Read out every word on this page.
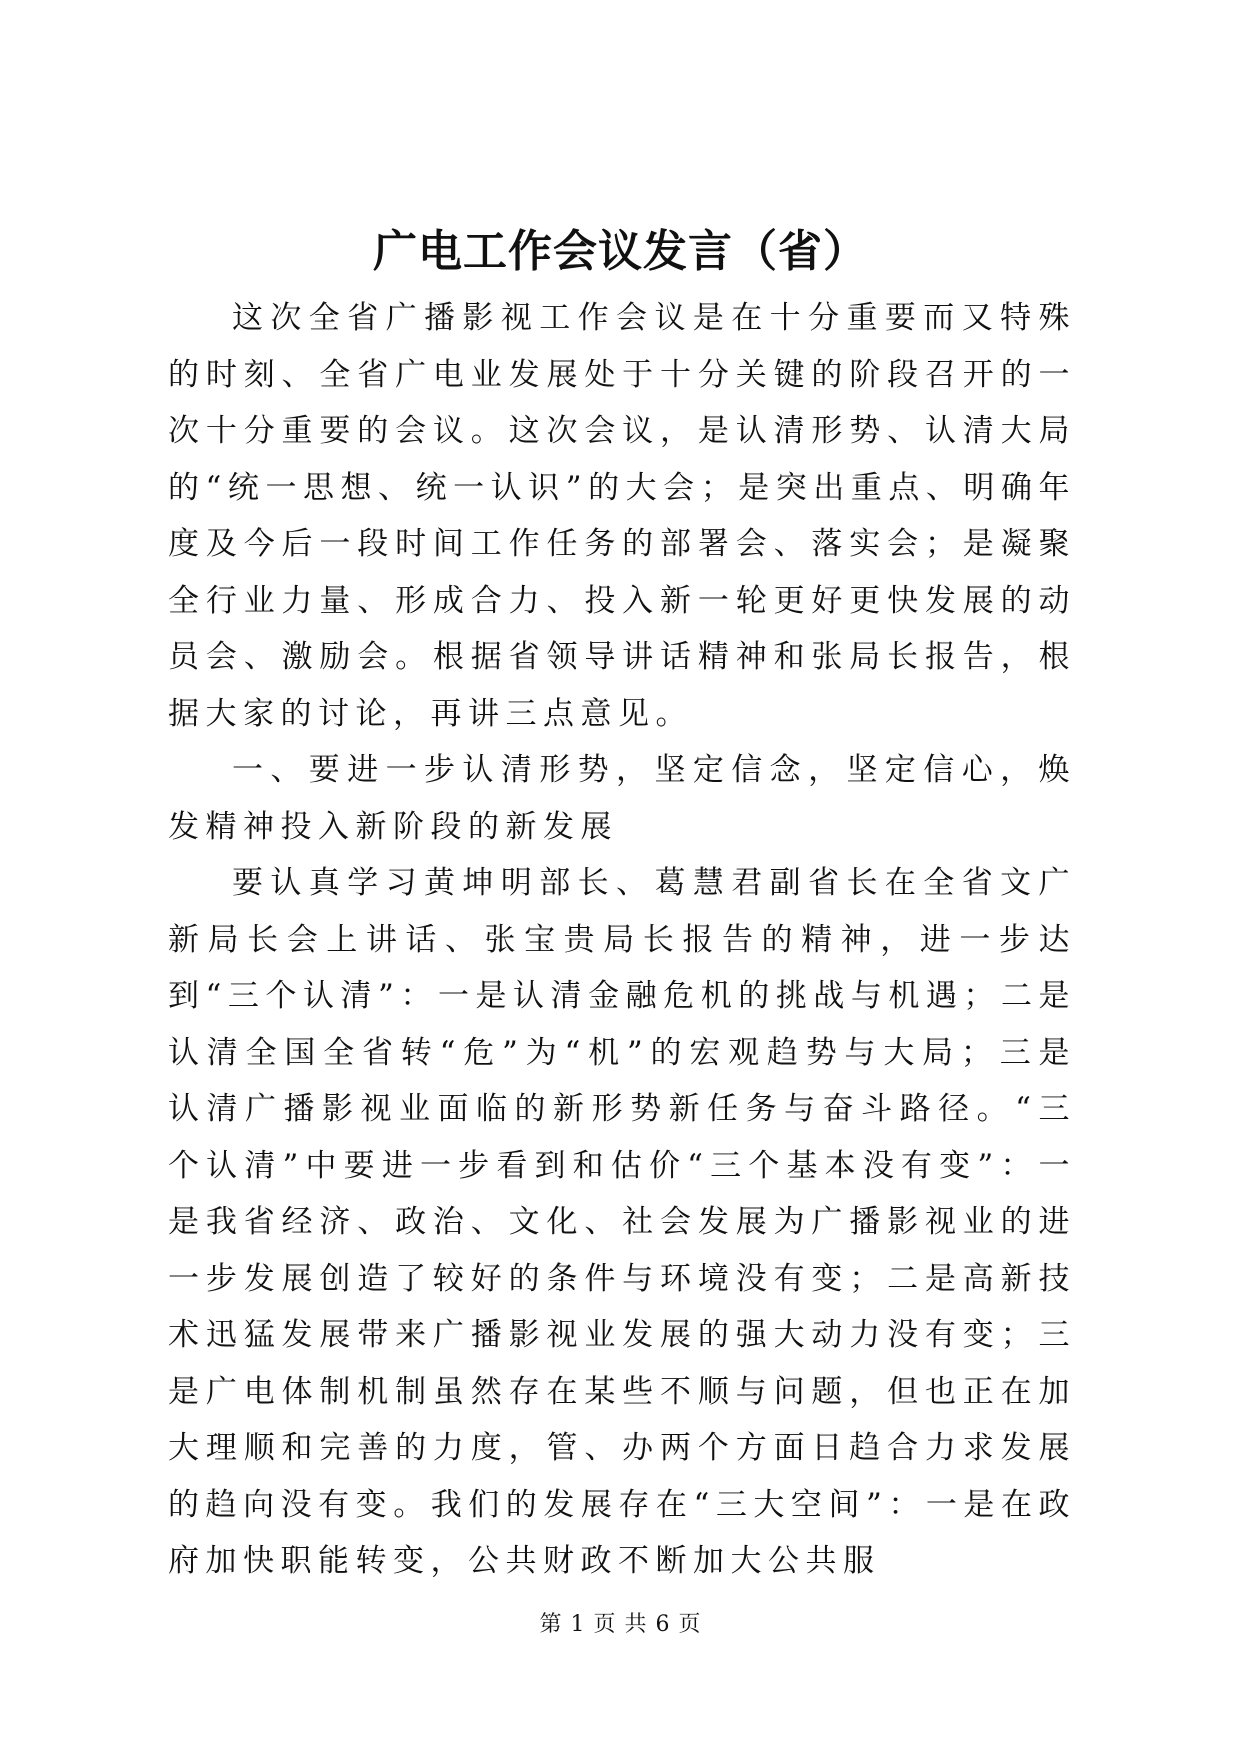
广电工作会议发言（省）

这次全省广播影视工作会议是在十分重要而又特殊的时刻、全省广电业发展处于十分关键的阶段召开的一次十分重要的会议。这次会议，是认清形势、认清大局的“统一思想、统一认识”的大会；是突出重点、明确年度及今后一段时间工作任务的部署会、落实会；是凝聚全行业力量、形成合力、投入新一轮更好更快发展的动员会、激励会。根据省领导讲话精神和张局长报告，根据大家的讨论，再讲三点意见。

一、要进一步认清形势，坚定信念，坚定信心，焕发精神投入新阶段的新发展

要认真学习黄坤明部长、葛慧君副省长在全省文广新局长会上讲话、张宝贵局长报告的精神，进一步达到“三个认清”：一是认清金融危机的挑战与机遇；二是认清全国全省转“危”为“机”的宏观趋势与大局；三是认清广播影视业面临的新形势新任务与奋斗路径。“三个认清”中要进一步看到和估价“三个基本没有变”：一是我省经济、政治、文化、社会发展为广播影视业的进一步发展创造了较好的条件与环境没有变；二是高新技术迅猛发展带来广播影视业发展的强大动力没有变；三是广电体制机制虽然存在某些不顺与问题，但也正在加大理顺和完善的力度，管、办两个方面日趋合力求发展的趋向没有变。我们的发展存在“三大空间”：一是在政府加快职能转变，公共财政不断加大公共服

第 1 页 共 6 页
